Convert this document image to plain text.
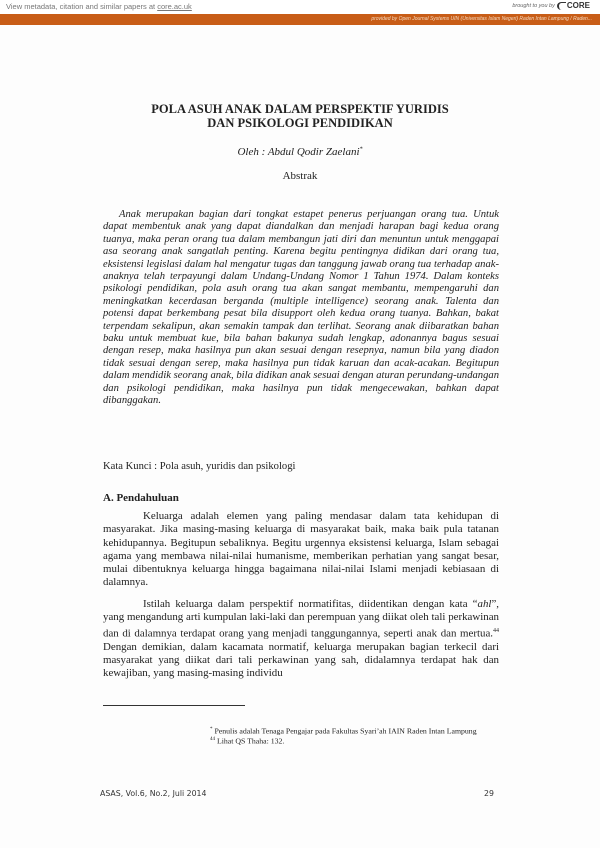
View metadata, citation and similar papers at core.ac.uk	brought to you by CORE
provided by Open Journal Systems UIN (Universitas Islam Negeri) Raden Intan Lampung / Raden...
POLA ASUH ANAK DALAM PERSPEKTIF YURIDIS
DAN PSIKOLOGI PENDIDIKAN
Oleh : Abdul Qodir Zaelani*
Abstrak
Anak merupakan bagian dari tongkat estapet penerus perjuangan orang tua. Untuk dapat membentuk anak yang dapat diandalkan dan menjadi harapan bagi kedua orang tuanya, maka peran orang tua dalam membangun jati diri dan menuntun untuk menggapai asa seorang anak sangatlah penting. Karena begitu pentingnya didikan dari orang tua, eksistensi legislasi dalam hal mengatur tugas dan tanggung jawab orang tua terhadap anak-anaknya telah terpayungi dalam Undang-Undang Nomor 1 Tahun 1974. Dalam konteks psikologi pendidikan, pola asuh orang tua akan sangat membantu, mempengaruhi dan meningkatkan kecerdasan berganda (multiple intelligence) seorang anak. Talenta dan potensi dapat berkembang pesat bila disupport oleh kedua orang tuanya. Bahkan, bakat terpendam sekalipun, akan semakin tampak dan terlihat. Seorang anak diibaratkan bahan baku untuk membuat kue, bila bahan bakunya sudah lengkap, adonannya bagus sesuai dengan resep, maka hasilnya pun akan sesuai dengan resepnya, namun bila yang diadon tidak sesuai dengan serep, maka hasilnya pun tidak karuan dan acak-acakan. Begitupun dalam mendidik seorang anak, bila didikan anak sesuai dengan aturan perundang-undangan dan psikologi pendidikan, maka hasilnya pun tidak mengecewakan, bahkan dapat dibanggakan.
Kata Kunci : Pola asuh, yuridis dan psikologi
A. Pendahuluan
Keluarga adalah elemen yang paling mendasar dalam tata kehidupan di masyarakat. Jika masing-masing keluarga di masyarakat baik, maka baik pula tatanan kehidupannya. Begitupun sebaliknya. Begitu urgennya eksistensi keluarga, Islam sebagai agama yang membawa nilai-nilai humanisme, memberikan perhatian yang sangat besar, mulai dibentuknya keluarga hingga bagaimana nilai-nilai Islami menjadi kebiasaan di dalamnya.
Istilah keluarga dalam perspektif normatifitas, diidentikan dengan kata “ahl”, yang mengandung arti kumpulan laki-laki dan perempuan yang diikat oleh tali perkawinan dan di dalamnya terdapat orang yang menjadi tanggungannya, seperti anak dan mertua.$^{44}$ Dengan demikian, dalam kacamata normatif, keluarga merupakan bagian terkecil dari masyarakat yang diikat dari tali perkawinan yang sah, didalamnya terdapat hak dan kewajiban, yang masing-masing individu
* Penulis adalah Tenaga Pengajar pada Fakultas Syari’ah IAIN Raden Intan Lampung
$^{44}$ Lihat QS Thaha: 132.
ASAS, Vol.6, No.2, Juli 2014	29
